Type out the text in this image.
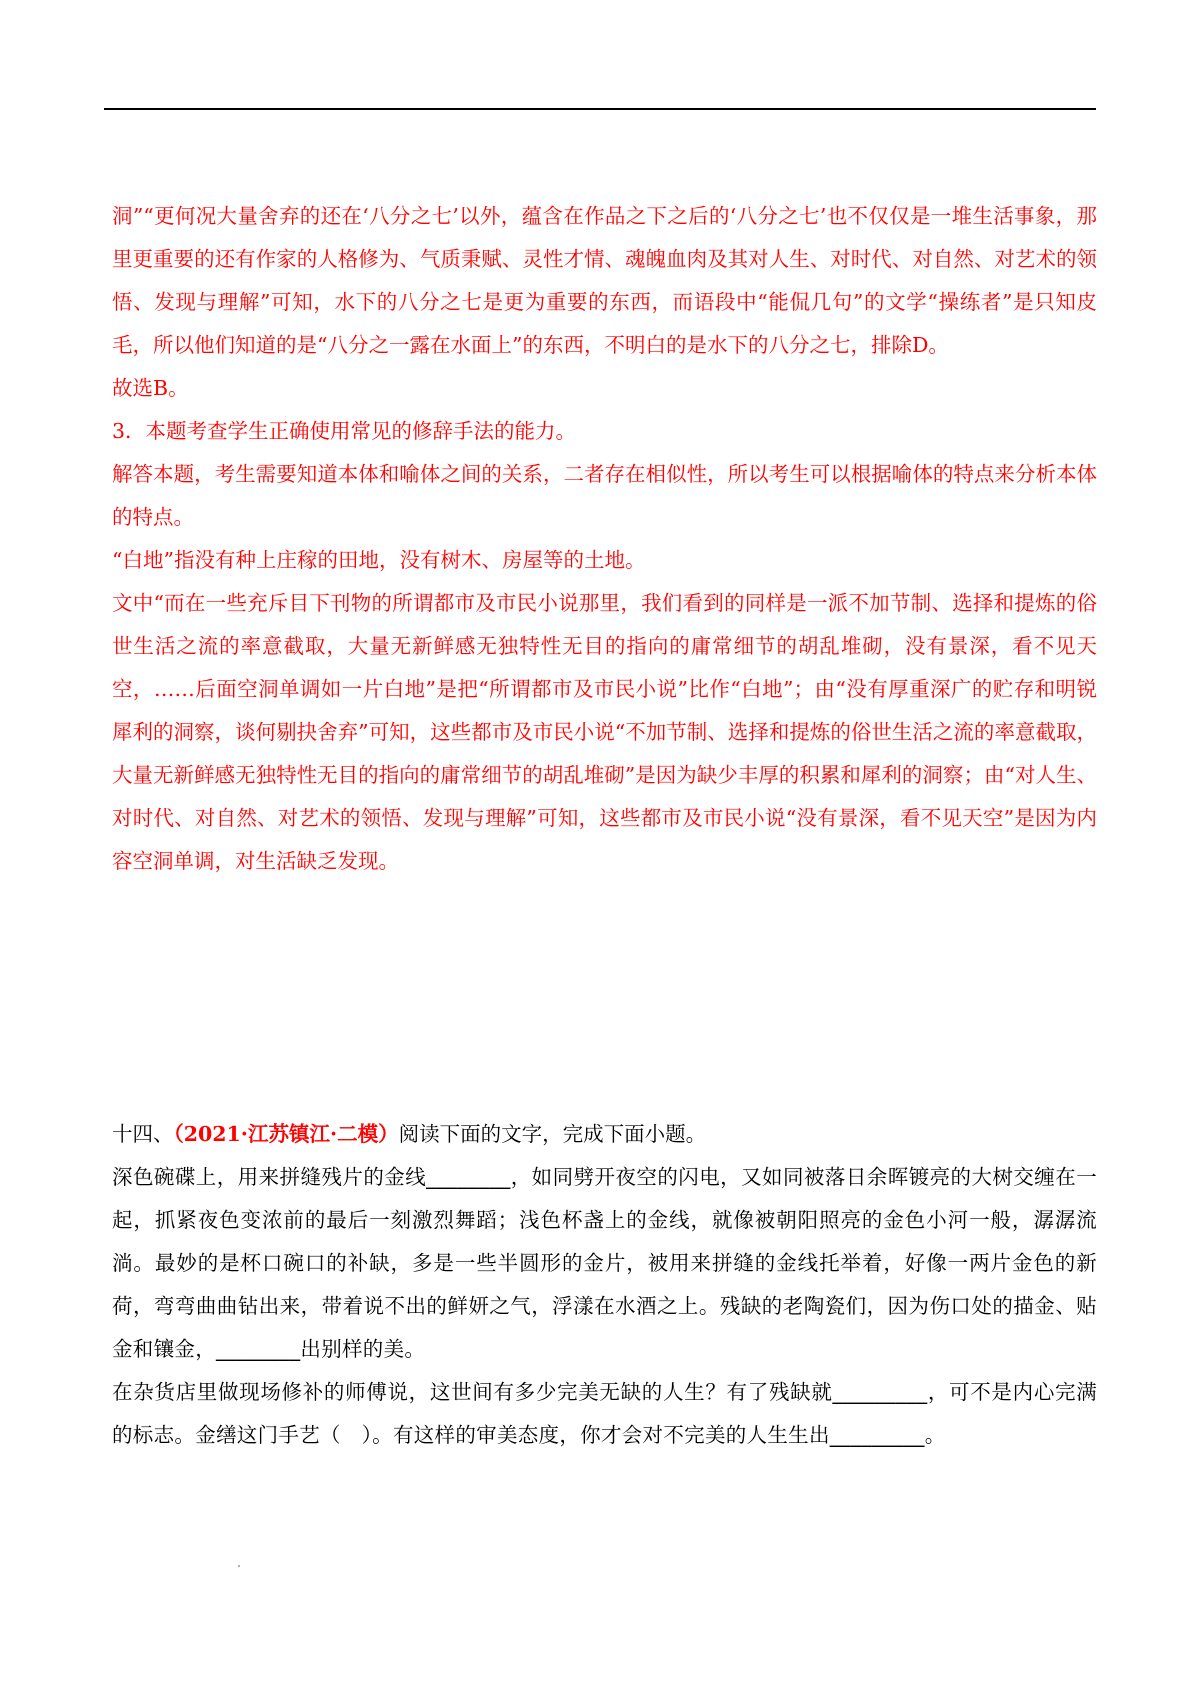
洞”“更何况大量舍弃的还在‘八分之七’以外，蕴含在作品之下之后的‘八分之七’也不仅仅是一堆生活事象，那里更重要的还有作家的人格修为、气质秉赋、灵性才情、魂魄血肉及其对人生、对时代、对自然、对艺术的领悟、发现与理解”可知，水下的八分之七是更为重要的东西，而语段中“能侃几句”的文学“操练者”是只知皮毛，所以他们知道的是“八分之一露在水面上”的东西，不明白的是水下的八分之七，排除D。

故选B。

3．本题考查学生正确使用常见的修辞手法的能力。

解答本题，考生需要知道本体和喻体之间的关系，二者存在相似性，所以考生可以根据喻体的特点来分析本体的特点。

“白地”指没有种上庄稼的田地，没有树木、房屋等的土地。

文中“而在一些充斥目下刊物的所谓都市及市民小说那里，我们看到的同样是一派不加节制、选择和提炼的俗世生活之流的率意截取，大量无新鲜感无独特性无目的指向的庸常细节的胡乱堆砌，没有景深，看不见天空，……后面空洞单调如一片白地”是把“所谓都市及市民小说”比作“白地”；由“没有厚重深广的贮存和明锐犀利的洞察，谈何剔抉舍弃”可知，这些都市及市民小说“不加节制、选择和提炼的俗世生活之流的率意截取，大量无新鲜感无独特性无目的指向的庸常细节的胡乱堆砌”是因为缺少丰厚的积累和犀利的洞察；由“对人生、对时代、对自然、对艺术的领悟、发现与理解”可知，这些都市及市民小说“没有景深，看不见天空”是因为内容空洞单调，对生活缺乏发现。

十四、（2021·江苏镇江·二模）阅读下面的文字，完成下面小题。

深色碗碟上，用来拼缝残片的金线________，如同劈开夜空的闪电，又如同被落日余晖镀亮的大树交缠在一起，抓紧夜色变浓前的最后一刻激烈舞蹈；浅色杯盏上的金线，就像被朝阳照亮的金色小河一般，潺潺流淌。最妙的是杯口碗口的补缺，多是一些半圆形的金片，被用来拼缝的金线托举着，好像一两片金色的新荷，弯弯曲曲钻出来，带着说不出的鲜妍之气，浮漾在水酒之上。残缺的老陶瓷们，因为伤口处的描金、贴金和镶金，________出别样的美。

在杂货店里做现场修补的师傅说，这世间有多少完美无缺的人生？有了残缺就_________，可不是内心完满的标志。金缮这门手艺（　）。有这样的审美态度，你才会对不完美的人生生出_________。
